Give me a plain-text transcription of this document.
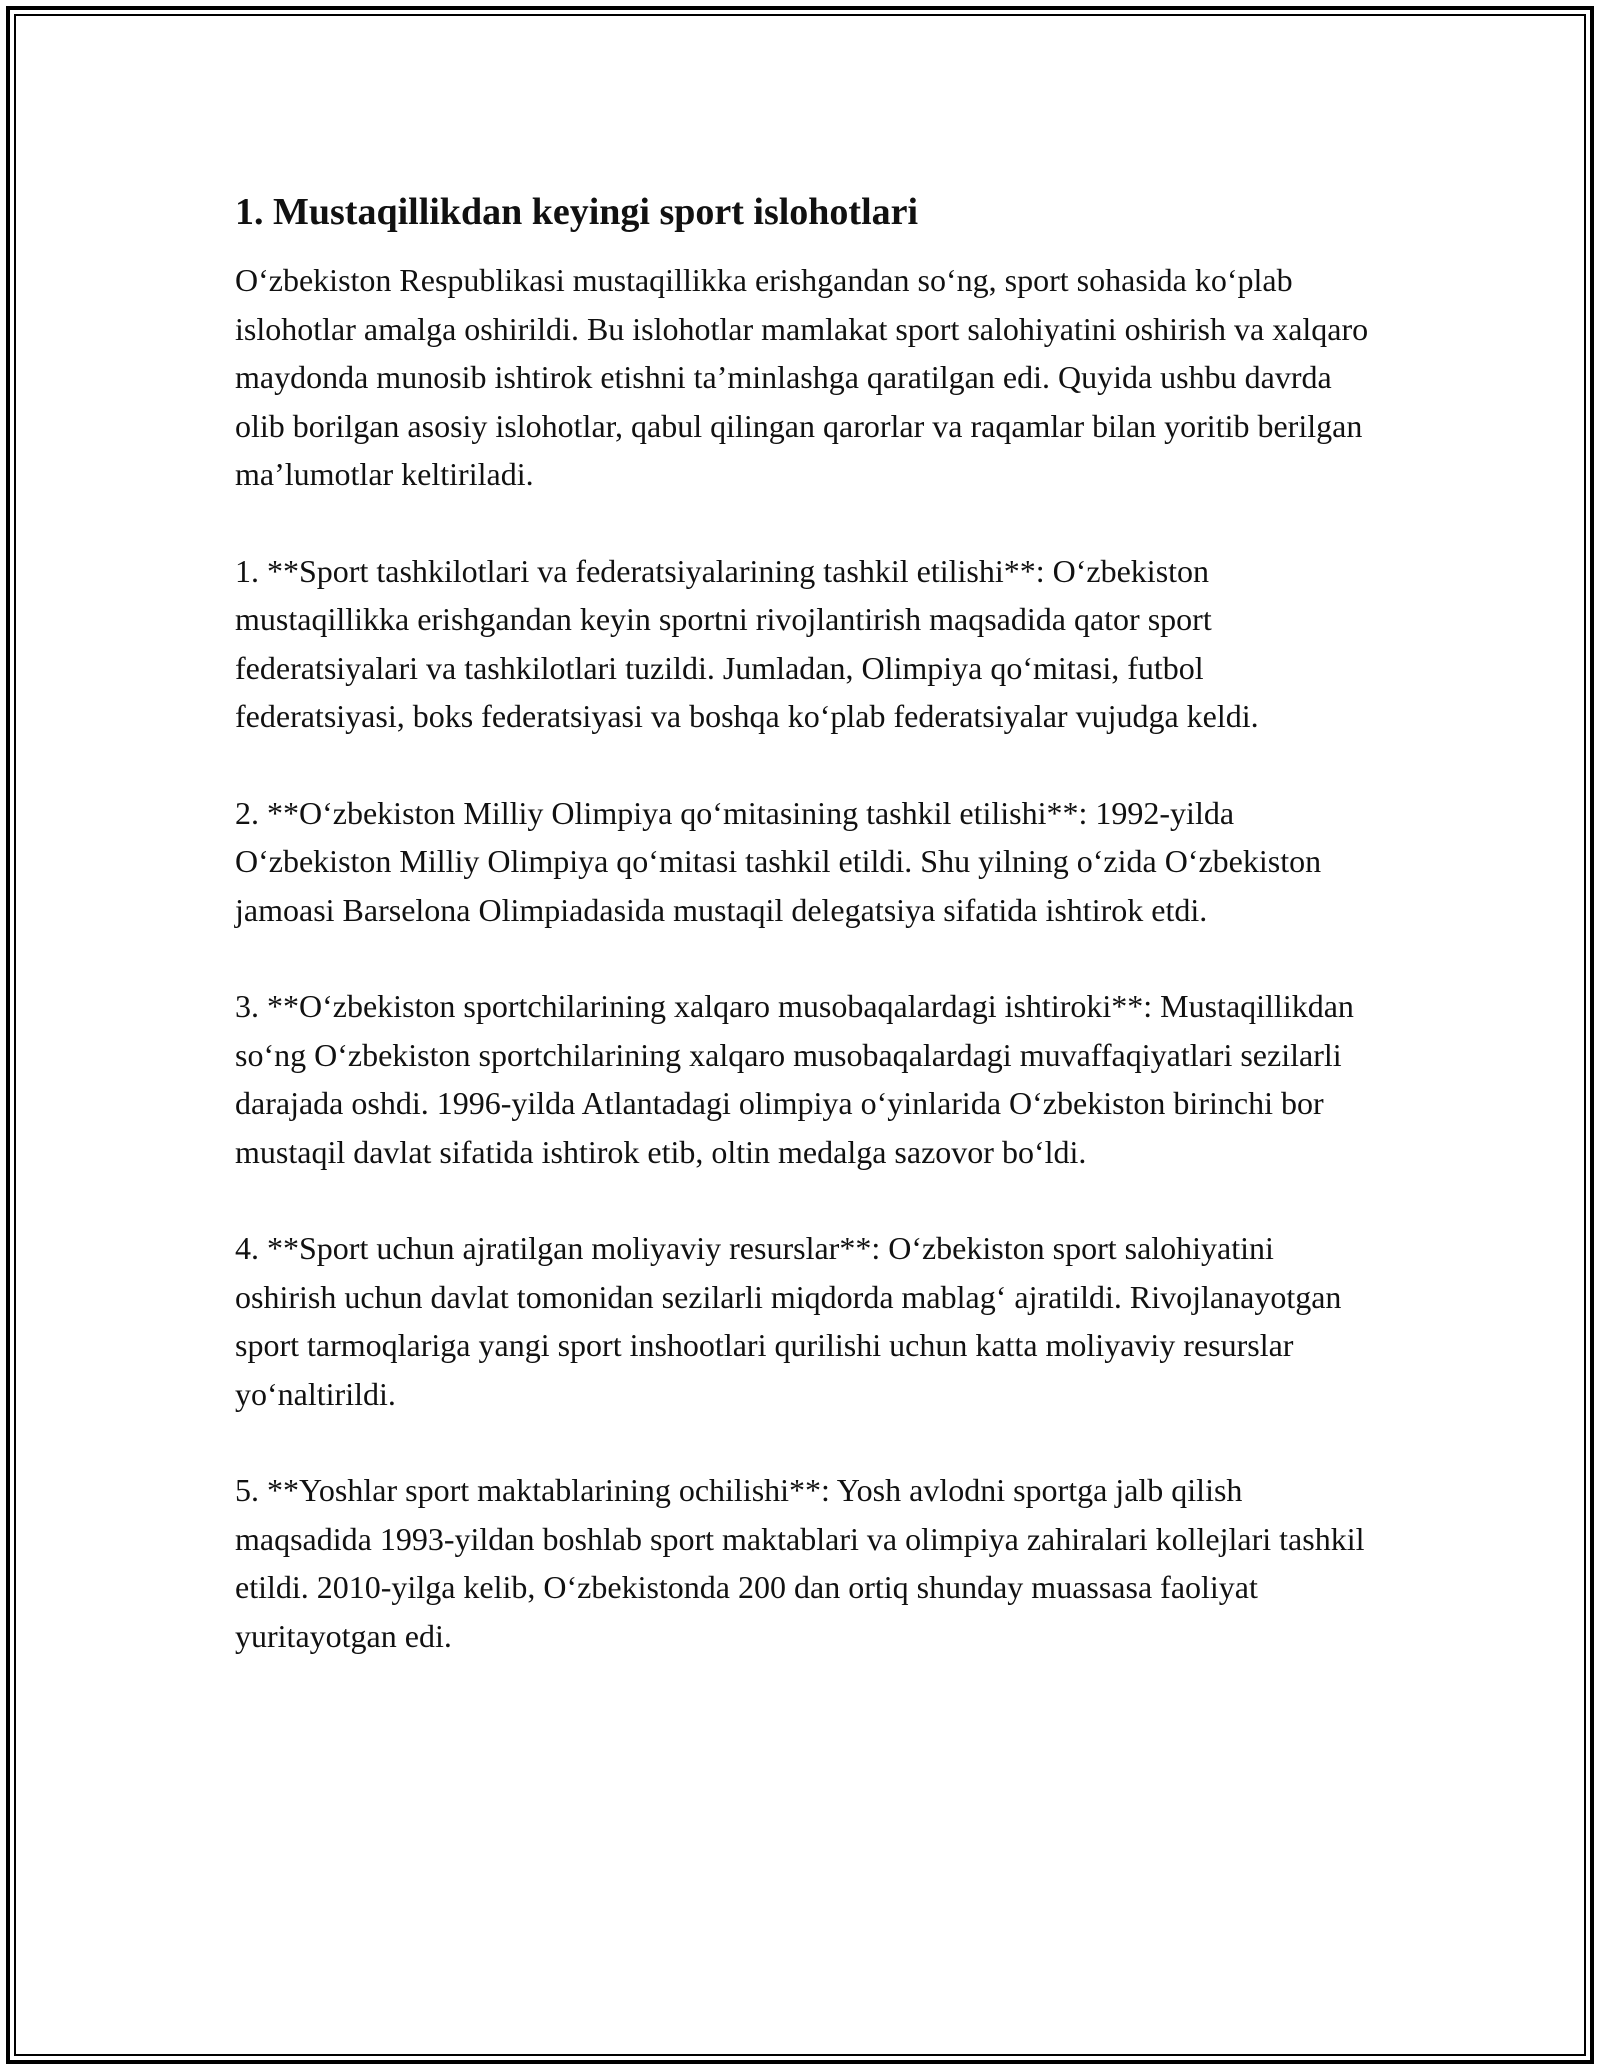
1. Mustaqillikdan keyingi sport islohotlari

O‘zbekiston Respublikasi mustaqillikka erishgandan so‘ng, sport sohasida ko‘plab islohotlar amalga oshirildi. Bu islohotlar mamlakat sport salohiyatini oshirish va xalqaro maydonda munosib ishtirok etishni ta’minlashga qaratilgan edi. Quyida ushbu davrda olib borilgan asosiy islohotlar, qabul qilingan qarorlar va raqamlar bilan yoritib berilgan ma’lumotlar keltiriladi.

1. **Sport tashkilotlari va federatsiyalarining tashkil etilishi**: O‘zbekiston mustaqillikka erishgandan keyin sportni rivojlantirish maqsadida qator sport federatsiyalari va tashkilotlari tuzildi. Jumladan, Olimpiya qo‘mitasi, futbol federatsiyasi, boks federatsiyasi va boshqa ko‘plab federatsiyalar vujudga keldi.

2. **O‘zbekiston Milliy Olimpiya qo‘mitasining tashkil etilishi**: 1992-yilda O‘zbekiston Milliy Olimpiya qo‘mitasi tashkil etildi. Shu yilning o‘zida O‘zbekiston jamoasi Barselona Olimpiadasida mustaqil delegatsiya sifatida ishtirok etdi.

3. **O‘zbekiston sportchilarining xalqaro musobaqalardagi ishtiroki**: Mustaqillikdan so‘ng O‘zbekiston sportchilarining xalqaro musobaqalardagi muvaffaqiyatlari sezilarli darajada oshdi. 1996-yilda Atlantadagi olimpiya o‘yinlarida O‘zbekiston birinchi bor mustaqil davlat sifatida ishtirok etib, oltin medalga sazovor bo‘ldi.

4. **Sport uchun ajratilgan moliyaviy resurslar**: O‘zbekiston sport salohiyatini oshirish uchun davlat tomonidan sezilarli miqdorda mablag‘ ajratildi. Rivojlanayotgan sport tarmoqlariga yangi sport inshootlari qurilishi uchun katta moliyaviy resurslar yo‘naltirildi.

5. **Yoshlar sport maktablarining ochilishi**: Yosh avlodni sportga jalb qilish maqsadida 1993-yildan boshlab sport maktablari va olimpiya zahiralari kollejlari tashkil etildi. 2010-yilga kelib, O‘zbekistonda 200 dan ortiq shunday muassasa faoliyat yuritayotgan edi.
